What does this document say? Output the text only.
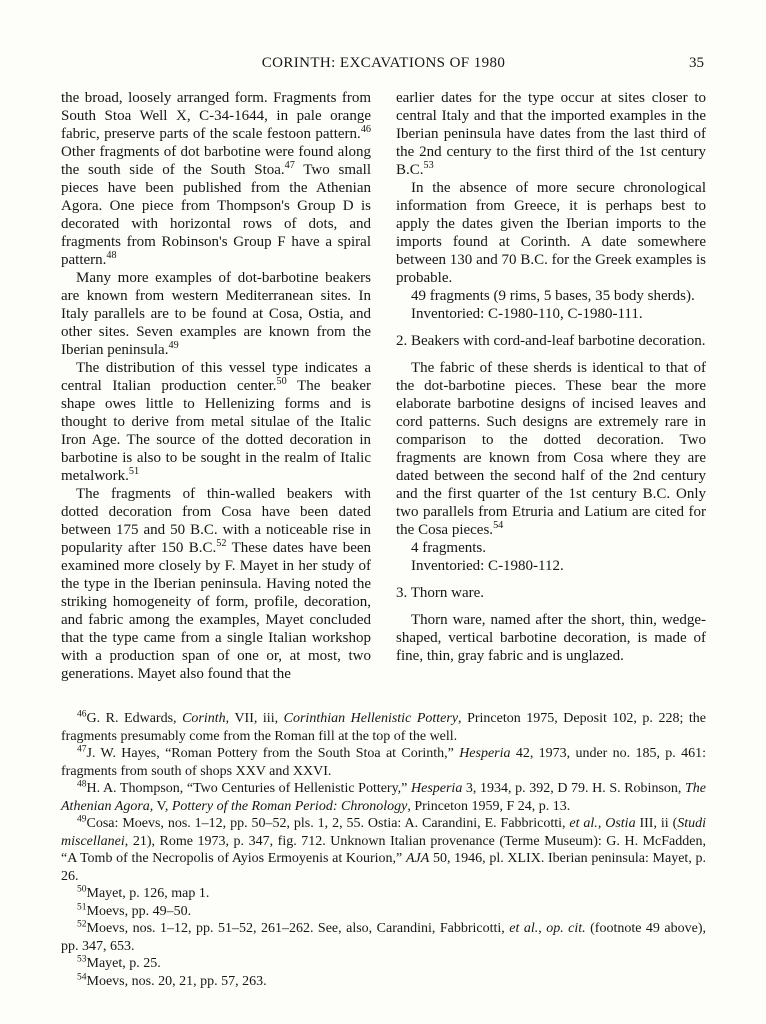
CORINTH: EXCAVATIONS OF 1980	35

the broad, loosely arranged form. Fragments from South Stoa Well X, C-34-1644, in pale orange fabric, preserve parts of the scale festoon pattern.$^{46}$ Other fragments of dot barbotine were found along the south side of the South Stoa.$^{47}$ Two small pieces have been published from the Athenian Agora. One piece from Thompson's Group D is decorated with horizontal rows of dots, and fragments from Robinson's Group F have a spiral pattern.$^{48}$

Many more examples of dot-barbotine beakers are known from western Mediterranean sites. In Italy parallels are to be found at Cosa, Ostia, and other sites. Seven examples are known from the Iberian peninsula.$^{49}$

The distribution of this vessel type indicates a central Italian production center.$^{50}$ The beaker shape owes little to Hellenizing forms and is thought to derive from metal situlae of the Italic Iron Age. The source of the dotted decoration in barbotine is also to be sought in the realm of Italic metalwork.$^{51}$

The fragments of thin-walled beakers with dotted decoration from Cosa have been dated between 175 and 50 B.C. with a noticeable rise in popularity after 150 B.C.$^{52}$ These dates have been examined more closely by F. Mayet in her study of the type in the Iberian peninsula. Having noted the striking homogeneity of form, profile, decoration, and fabric among the examples, Mayet concluded that the type came from a single Italian workshop with a production span of one or, at most, two generations. Mayet also found that the

earlier dates for the type occur at sites closer to central Italy and that the imported examples in the Iberian peninsula have dates from the last third of the 2nd century to the first third of the 1st century B.C.$^{53}$

In the absence of more secure chronological information from Greece, it is perhaps best to apply the dates given the Iberian imports to the imports found at Corinth. A date somewhere between 130 and 70 B.C. for the Greek examples is probable.

49 fragments (9 rims, 5 bases, 35 body sherds).

Inventoried: C-1980-110, C-1980-111.

2. Beakers with cord-and-leaf barbotine decoration.

The fabric of these sherds is identical to that of the dot-barbotine pieces. These bear the more elaborate barbotine designs of incised leaves and cord patterns. Such designs are extremely rare in comparison to the dotted decoration. Two fragments are known from Cosa where they are dated between the second half of the 2nd century and the first quarter of the 1st century B.C. Only two parallels from Etruria and Latium are cited for the Cosa pieces.$^{54}$

4 fragments.

Inventoried: C-1980-112.

3. Thorn ware.

Thorn ware, named after the short, thin, wedge-shaped, vertical barbotine decoration, is made of fine, thin, gray fabric and is unglazed.

$^{46}$G. R. Edwards, Corinth, VII, iii, Corinthian Hellenistic Pottery, Princeton 1975, Deposit 102, p. 228; the fragments presumably come from the Roman fill at the top of the well.

$^{47}$J. W. Hayes, “Roman Pottery from the South Stoa at Corinth,” Hesperia 42, 1973, under no. 185, p. 461: fragments from south of shops XXV and XXVI.

$^{48}$H. A. Thompson, “Two Centuries of Hellenistic Pottery,” Hesperia 3, 1934, p. 392, D 79. H. S. Robinson, The Athenian Agora, V, Pottery of the Roman Period: Chronology, Princeton 1959, F 24, p. 13.

$^{49}$Cosa: Moevs, nos. 1–12, pp. 50–52, pls. 1, 2, 55. Ostia: A. Carandini, E. Fabbricotti, et al., Ostia III, ii (Studi miscellanei, 21), Rome 1973, p. 347, fig. 712. Unknown Italian provenance (Terme Museum): G. H. McFadden, “A Tomb of the Necropolis of Ayios Ermoyenis at Kourion,” AJA 50, 1946, pl. XLIX. Iberian peninsula: Mayet, p. 26.

$^{50}$Mayet, p. 126, map 1.

$^{51}$Moevs, pp. 49–50.

$^{52}$Moevs, nos. 1–12, pp. 51–52, 261–262. See, also, Carandini, Fabbricotti, et al., op. cit. (footnote 49 above), pp. 347, 653.

$^{53}$Mayet, p. 25.

$^{54}$Moevs, nos. 20, 21, pp. 57, 263.
